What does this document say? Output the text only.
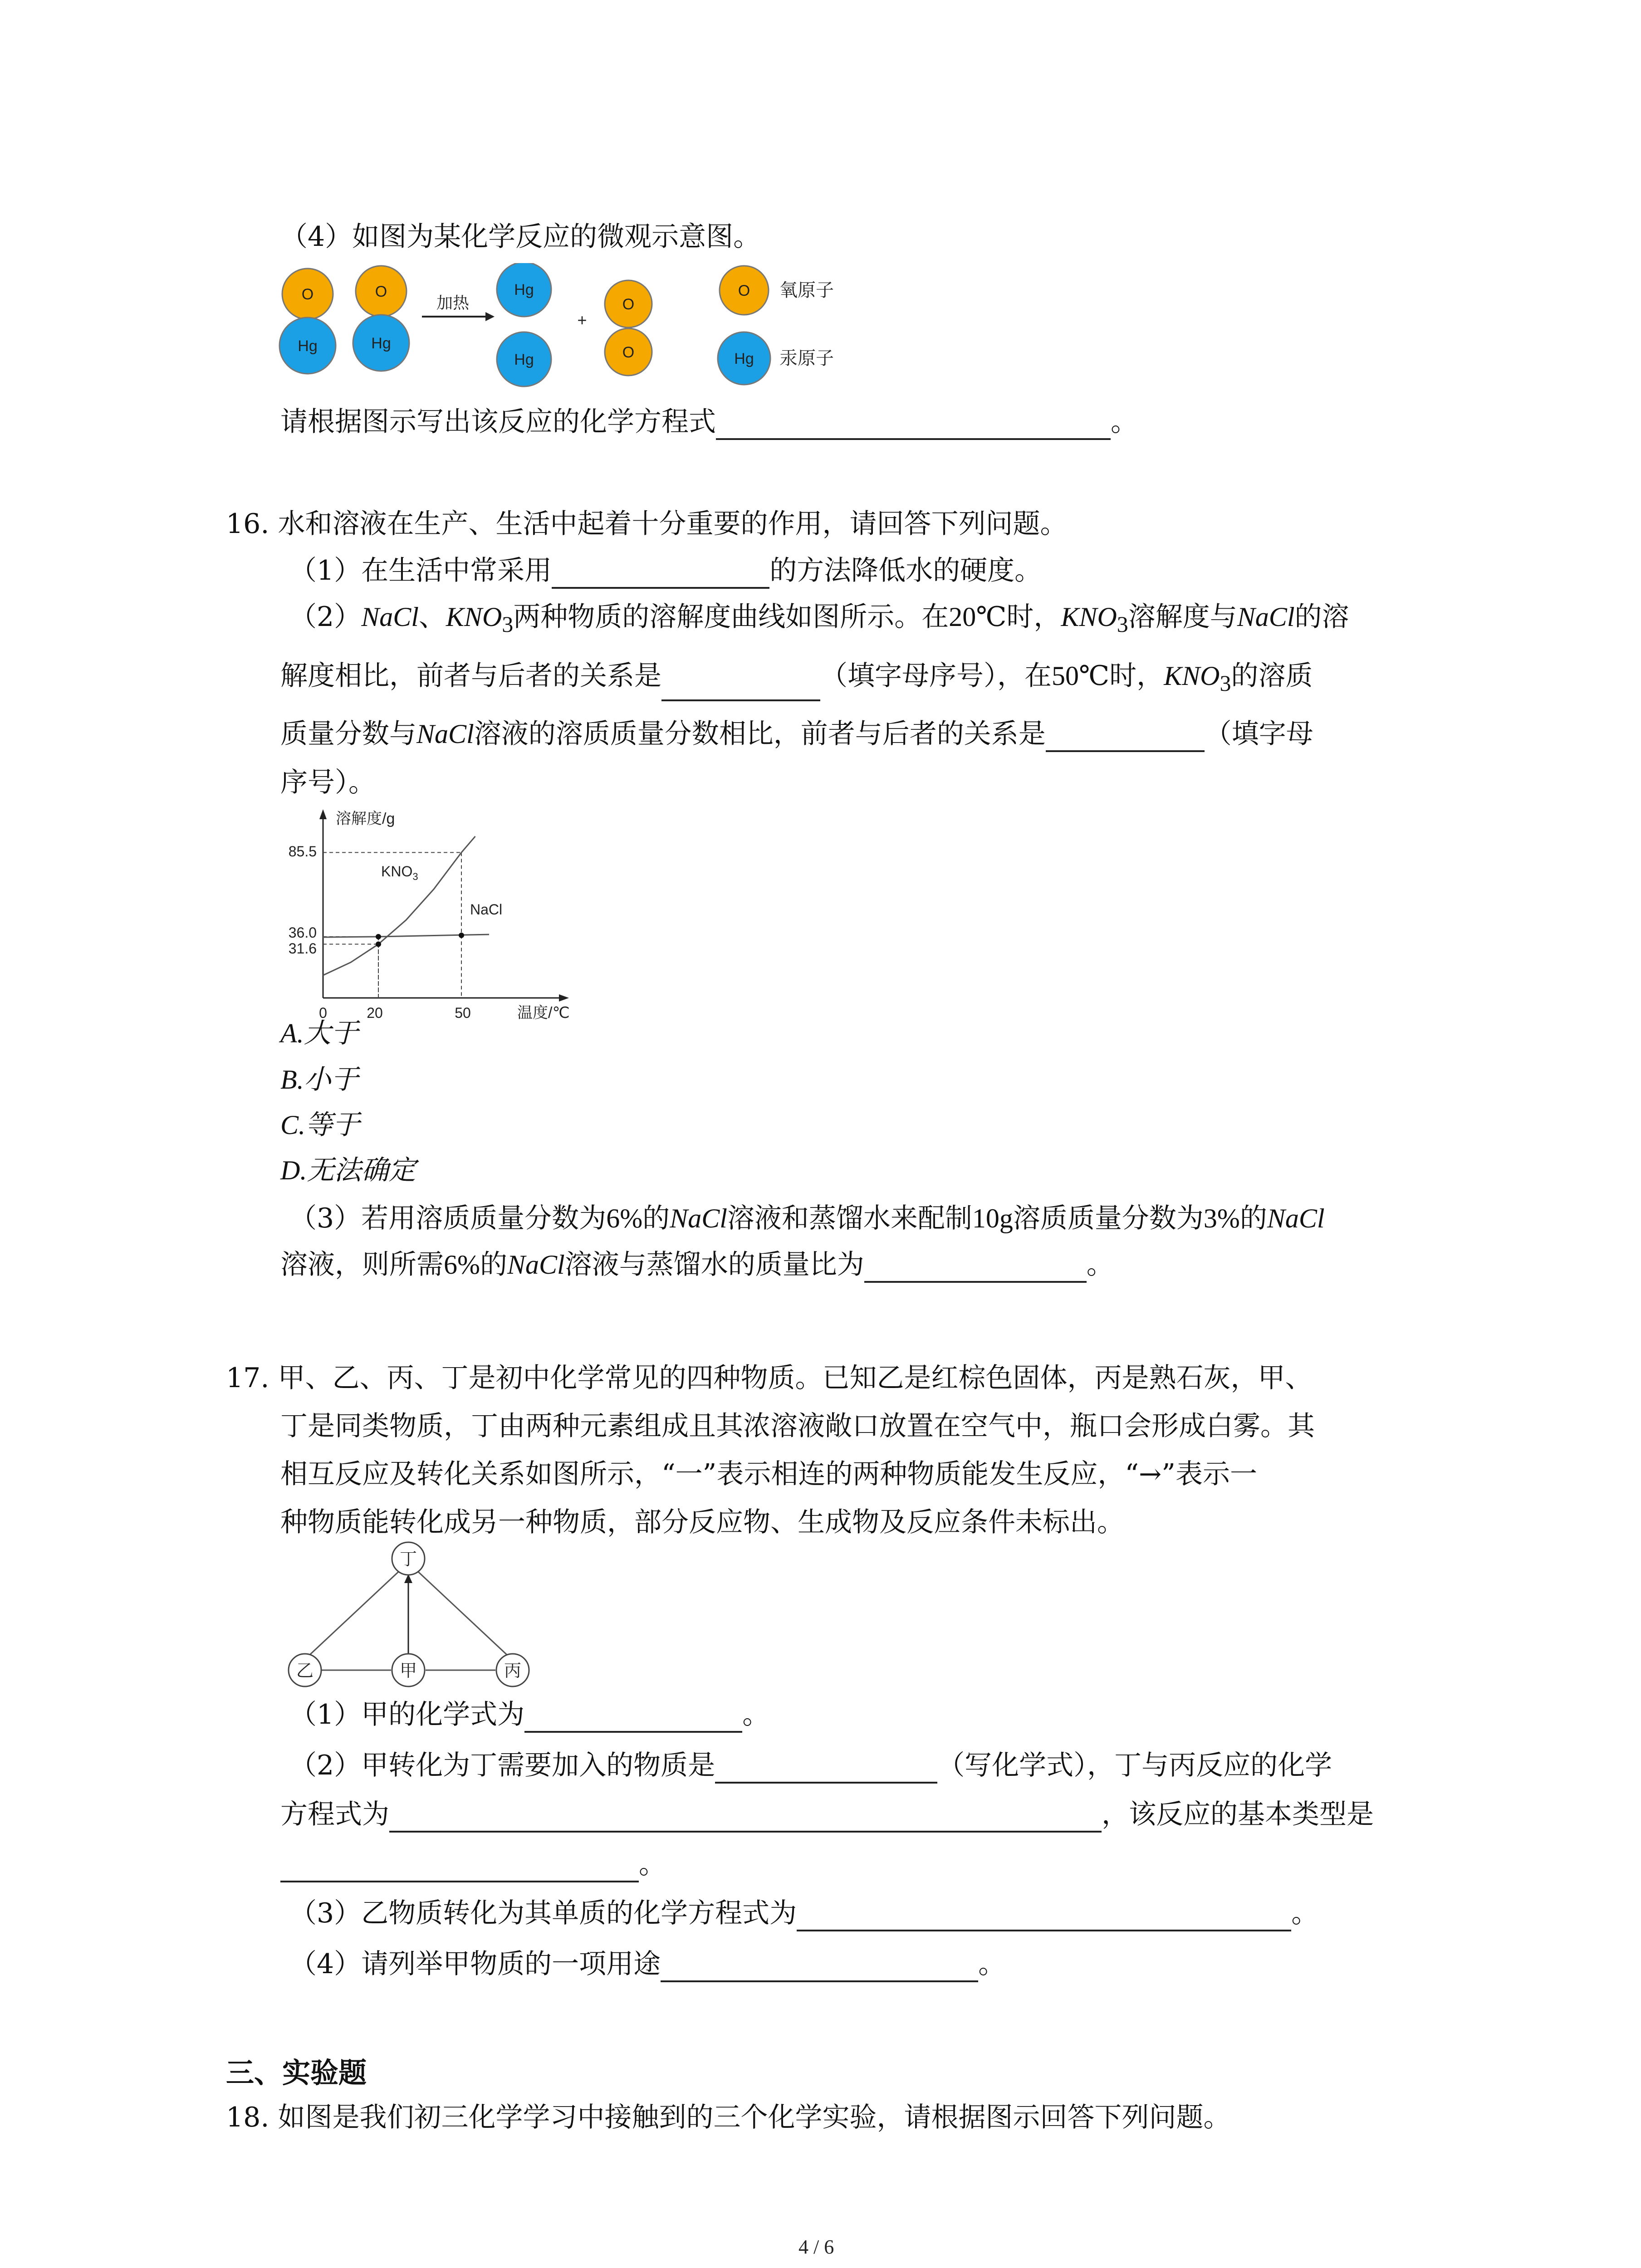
（4）如图为某化学反应的微观示意图。
O
Hg
O
Hg
加热
Hg
Hg
+
O
O
O 氧原子
Hg 汞原子
请根据图示写出该反应的化学方程式	。
16. 水和溶液在生产、生活中起着十分重要的作用，请回答下列问题。
（1）在生活中常采用	的方法降低水的硬度。
（2）NaCl、$KNO_3$两种物质的溶解度曲线如图所示。在20℃时，$KNO_3$溶解度与NaCl的溶
解度相比，前者与后者的关系是	（填字母序号），在50℃时，$KNO_3$的溶质
质量分数与NaCl溶液的溶质质量分数相比，前者与后者的关系是	（填字母
序号）。
溶解度/g
温度/℃
0	20	50
85.5
36.0
31.6
$KNO_3$
NaCl
A.大于
B.小于
C.等于
D.无法确定
（3）若用溶质质量分数为6%的NaCl溶液和蒸馏水来配制10g溶质质量分数为3%的NaCl
溶液，则所需6%的NaCl溶液与蒸馏水的质量比为	。
17. 甲、乙、丙、丁是初中化学常见的四种物质。已知乙是红棕色固体，丙是熟石灰，甲、
丁是同类物质，丁由两种元素组成且其浓溶液敞口放置在空气中，瓶口会形成白雾。其
相互反应及转化关系如图所示，“一”表示相连的两种物质能发生反应，“→”表示一
种物质能转化成另一种物质，部分反应物、生成物及反应条件未标出。
丁
乙	甲	丙
（1）甲的化学式为	。
（2）甲转化为丁需要加入的物质是	（写化学式），丁与丙反应的化学
方程式为	，该反应的基本类型是
。
（3）乙物质转化为其单质的化学方程式为	。
（4）请列举甲物质的一项用途	。
三、实验题
18. 如图是我们初三化学学习中接触到的三个化学实验，请根据图示回答下列问题。
4 / 6
